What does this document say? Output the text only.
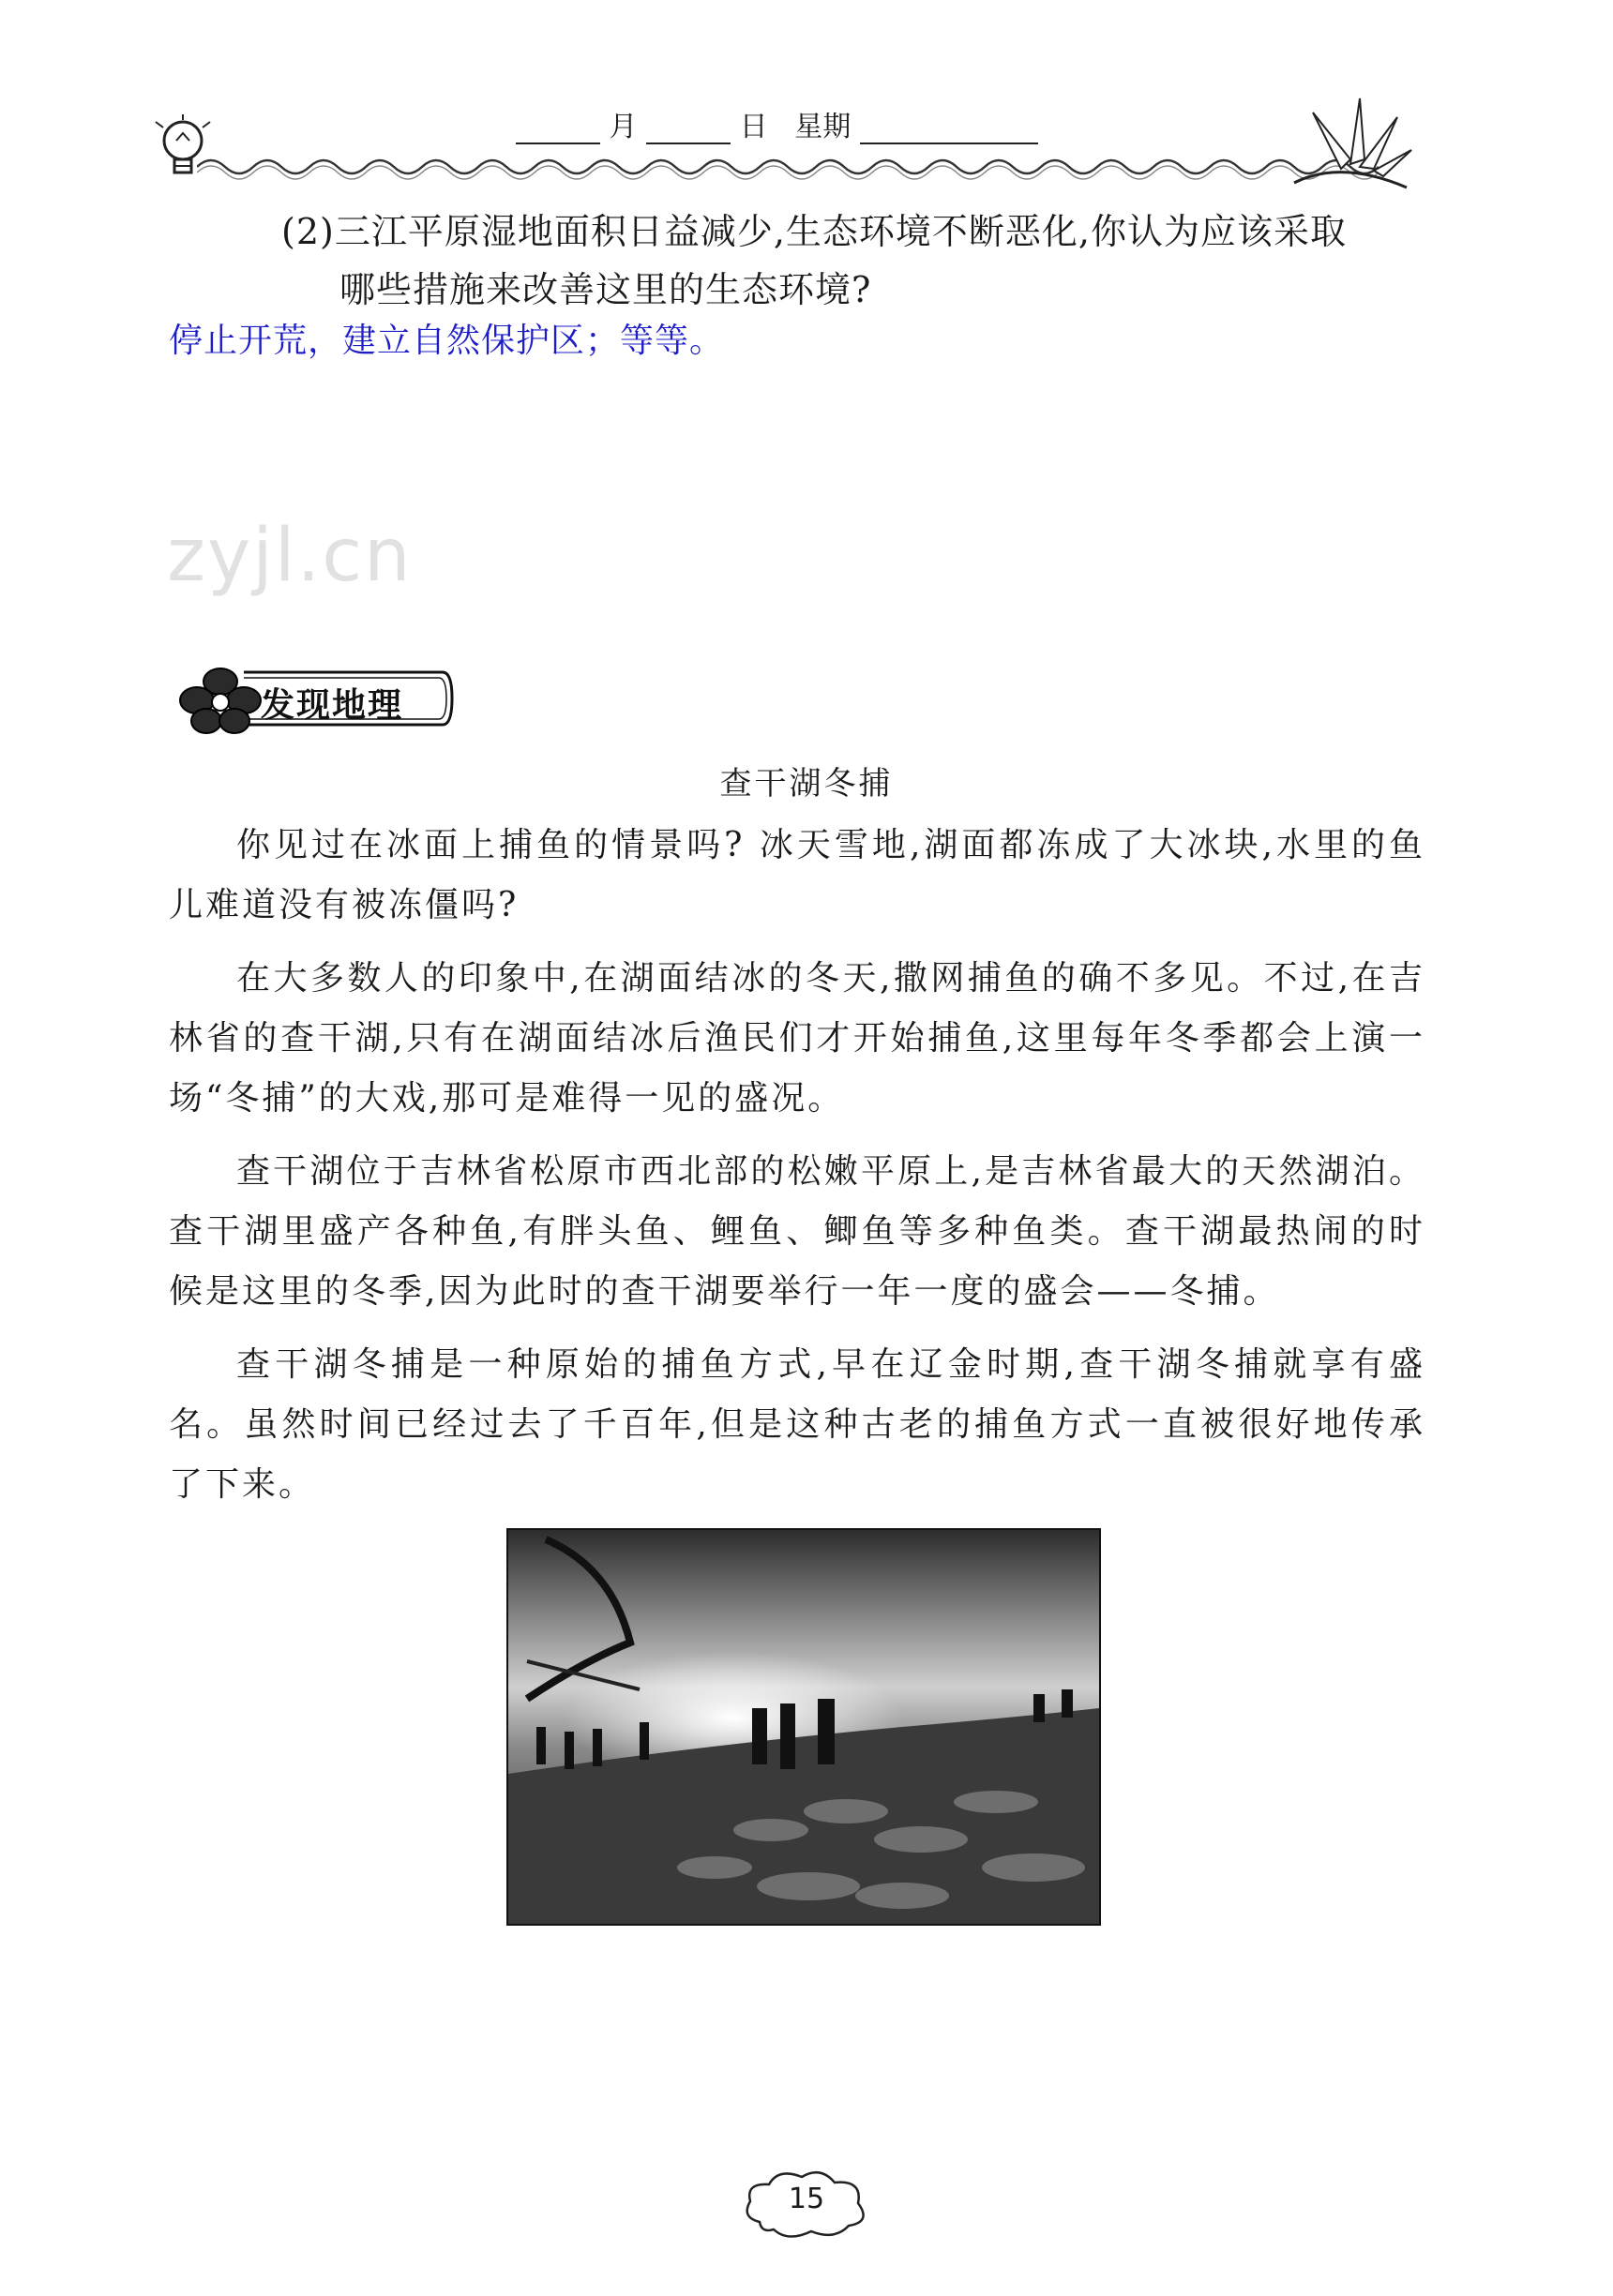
月	日 星期
(2)三江平原湿地面积日益减少,生态环境不断恶化,你认为应该采取
哪些措施来改善这里的生态环境?
停止开荒，建立自然保护区；等等。
zyjl.cn
发现地理
查干湖冬捕

你见过在冰面上捕鱼的情景吗? 冰天雪地,湖面都冻成了大冰块,水里的鱼儿难道没有被冻僵吗?

在大多数人的印象中,在湖面结冰的冬天,撒网捕鱼的确不多见。不过,在吉林省的查干湖,只有在湖面结冰后渔民们才开始捕鱼,这里每年冬季都会上演一场“冬捕”的大戏,那可是难得一见的盛况。

查干湖位于吉林省松原市西北部的松嫩平原上,是吉林省最大的天然湖泊。查干湖里盛产各种鱼,有胖头鱼、鲤鱼、鲫鱼等多种鱼类。查干湖最热闹的时候是这里的冬季,因为此时的查干湖要举行一年一度的盛会——冬捕。

查干湖冬捕是一种原始的捕鱼方式,早在辽金时期,查干湖冬捕就享有盛名。虽然时间已经过去了千百年,但是这种古老的捕鱼方式一直被很好地传承了下来。

15
